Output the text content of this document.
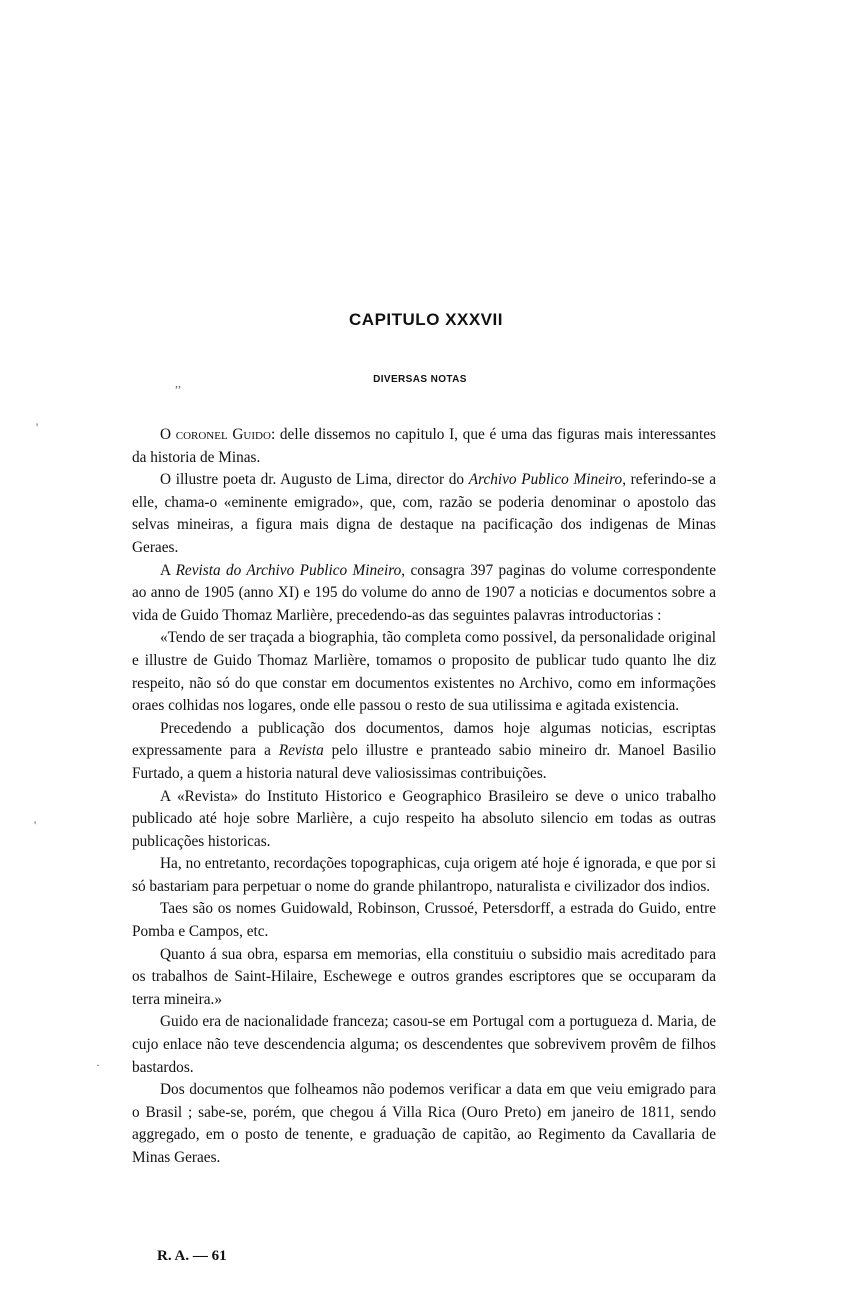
,,
'
'
·
CAPITULO XXXVII
DIVERSAS NOTAS

O coronel Guido: delle dissemos no capitulo I, que é uma das figuras mais interessantes da historia de Minas.

O illustre poeta dr. Augusto de Lima, director do Archivo Publico Mineiro, referindo-se a elle, chama-o «eminente emigrado», que, com, razão se poderia denominar o apostolo das selvas mineiras, a figura mais digna de destaque na pacificação dos indigenas de Minas Geraes.

A Revista do Archivo Publico Mineiro, consagra 397 paginas do volume correspondente ao anno de 1905 (anno XI) e 195 do volume do anno de 1907 a noticias e documentos sobre a vida de Guido Thomaz Marlière, precedendo-as das seguintes palavras introductorias :

«Tendo de ser traçada a biographia, tão completa como possivel, da personalidade original e illustre de Guido Thomaz Marlière, tomamos o proposito de publicar tudo quanto lhe diz respeito, não só do que constar em documentos existentes no Archivo, como em informações oraes colhidas nos logares, onde elle passou o resto de sua utilissima e agitada existencia.

Precedendo a publicação dos documentos, damos hoje algumas noticias, escriptas expressamente para a Revista pelo illustre e pranteado sabio mineiro dr. Manoel Basilio Furtado, a quem a historia natural deve valiosissimas contribuições.

A «Revista» do Instituto Historico e Geographico Brasileiro se deve o unico trabalho publicado até hoje sobre Marlière, a cujo respeito ha absoluto silencio em todas as outras publicações historicas.

Ha, no entretanto, recordações topographicas, cuja origem até hoje é ignorada, e que por si só bastariam para perpetuar o nome do grande philantropo, naturalista e civilizador dos indios.

Taes são os nomes Guidowald, Robinson, Crussoé, Petersdorff, a estrada do Guido, entre Pomba e Campos, etc.

Quanto á sua obra, esparsa em memorias, ella constituiu o subsidio mais acreditado para os trabalhos de Saint-Hilaire, Eschewege e outros grandes escriptores que se occuparam da terra mineira.»

Guido era de nacionalidade franceza; casou-se em Portugal com a portugueza d. Maria, de cujo enlace não teve descendencia alguma; os descendentes que sobrevivem provêm de filhos bastardos.

Dos documentos que folheamos não podemos verificar a data em que veiu emigrado para o Brasil ; sabe-se, porém, que chegou á Villa Rica (Ouro Preto) em janeiro de 1811, sendo aggregado, em o posto de tenente, e graduação de capitão, ao Regimento da Cavallaria de Minas Geraes.

R. A. — 61
